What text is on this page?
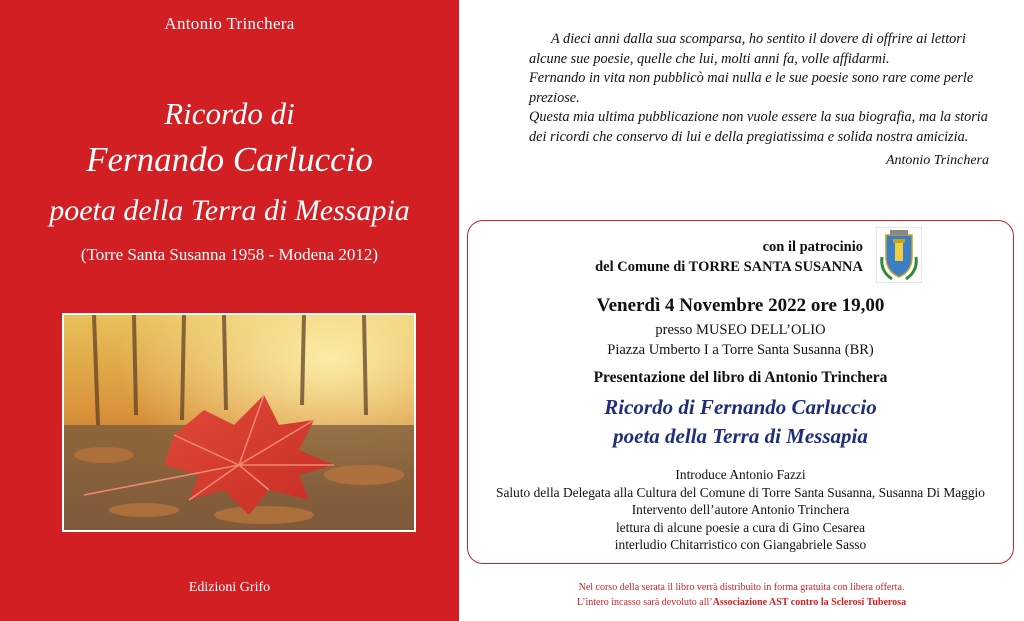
Antonio Trinchera
Ricordo di
Fernando Carluccio
poeta della Terra di Messapia
(Torre Santa Susanna 1958 - Modena 2012)
Edizioni Grifo

A dieci anni dalla sua scomparsa, ho sentito il dovere di offrire ai lettori alcune sue poesie, quelle che lui, molti anni fa, volle affidarmi.

Fernando in vita non pubblicò mai nulla e le sue poesie sono rare come perle preziose.

Questa mia ultima pubblicazione non vuole essere la sua biografia, ma la storia dei ricordi che conservo di lui e della pregiatissima e solida nostra amicizia.

Antonio Trinchera

con il patrocinio
del Comune di TORRE SANTA SUSANNA
Venerdì 4 Novembre 2022 ore 19,00
presso MUSEO DELL’OLIO
Piazza Umberto I a Torre Santa Susanna (BR)
Presentazione del libro di Antonio Trinchera
Ricordo di Fernando Carluccio
poeta della Terra di Messapia
Introduce Antonio Fazzi
Saluto della Delegata alla Cultura del Comune di Torre Santa Susanna, Susanna Di Maggio
Intervento dell’autore Antonio Trinchera
lettura di alcune poesie a cura di Gino Cesarea
interludio Chitarristico con Giangabriele Sasso
Nel corso della serata il libro verrà distribuito in forma gratuita con libera offerta.
L’intero incasso sarà devoluto all’Associazione AST contro la Sclerosi Tuberosa
